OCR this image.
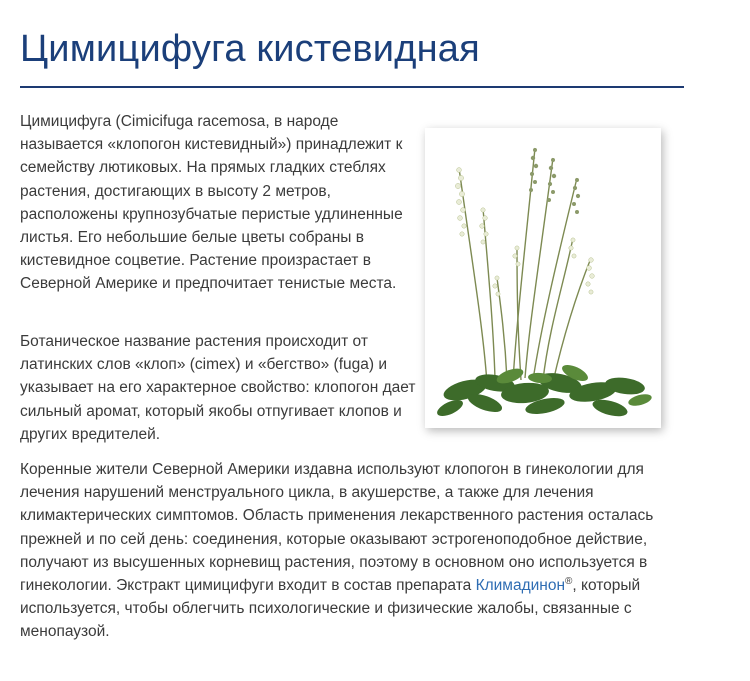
Цимицифуга кистевидная

Цимицифуга (Cimicifuga racemosa, в народе называется «клопогон кистевидный») принадлежит к семейству лютиковых. На прямых гладких стеблях растения, достигающих в высоту 2 метров, расположены крупнозубчатые перистые удлиненные листья. Его небольшие белые цветы собраны в кистевидное соцветие. Растение произрастает в Северной Америке и предпочитает тенистые места.

Ботаническое название растения происходит от латинских слов «клоп» (cimex) и «бегство» (fuga) и указывает на его характерное свойство: клопогон дает сильный аромат, который якобы отпугивает клопов и других вредителей.

Коренные жители Северной Америки издавна используют клопогон в гинекологии для лечения нарушений менструального цикла, в акушерстве, а также для лечения климактерических симптомов. Область применения лекарственного растения осталась прежней и по сей день: соединения, которые оказывают эстрогеноподобное действие, получают из высушенных корневищ растения, поэтому в основном оно используется в гинекологии. Экстракт цимицифуги входит в состав препарата Климадинон®, который используется, чтобы облегчить психологические и физические жалобы, связанные с менопаузой.
